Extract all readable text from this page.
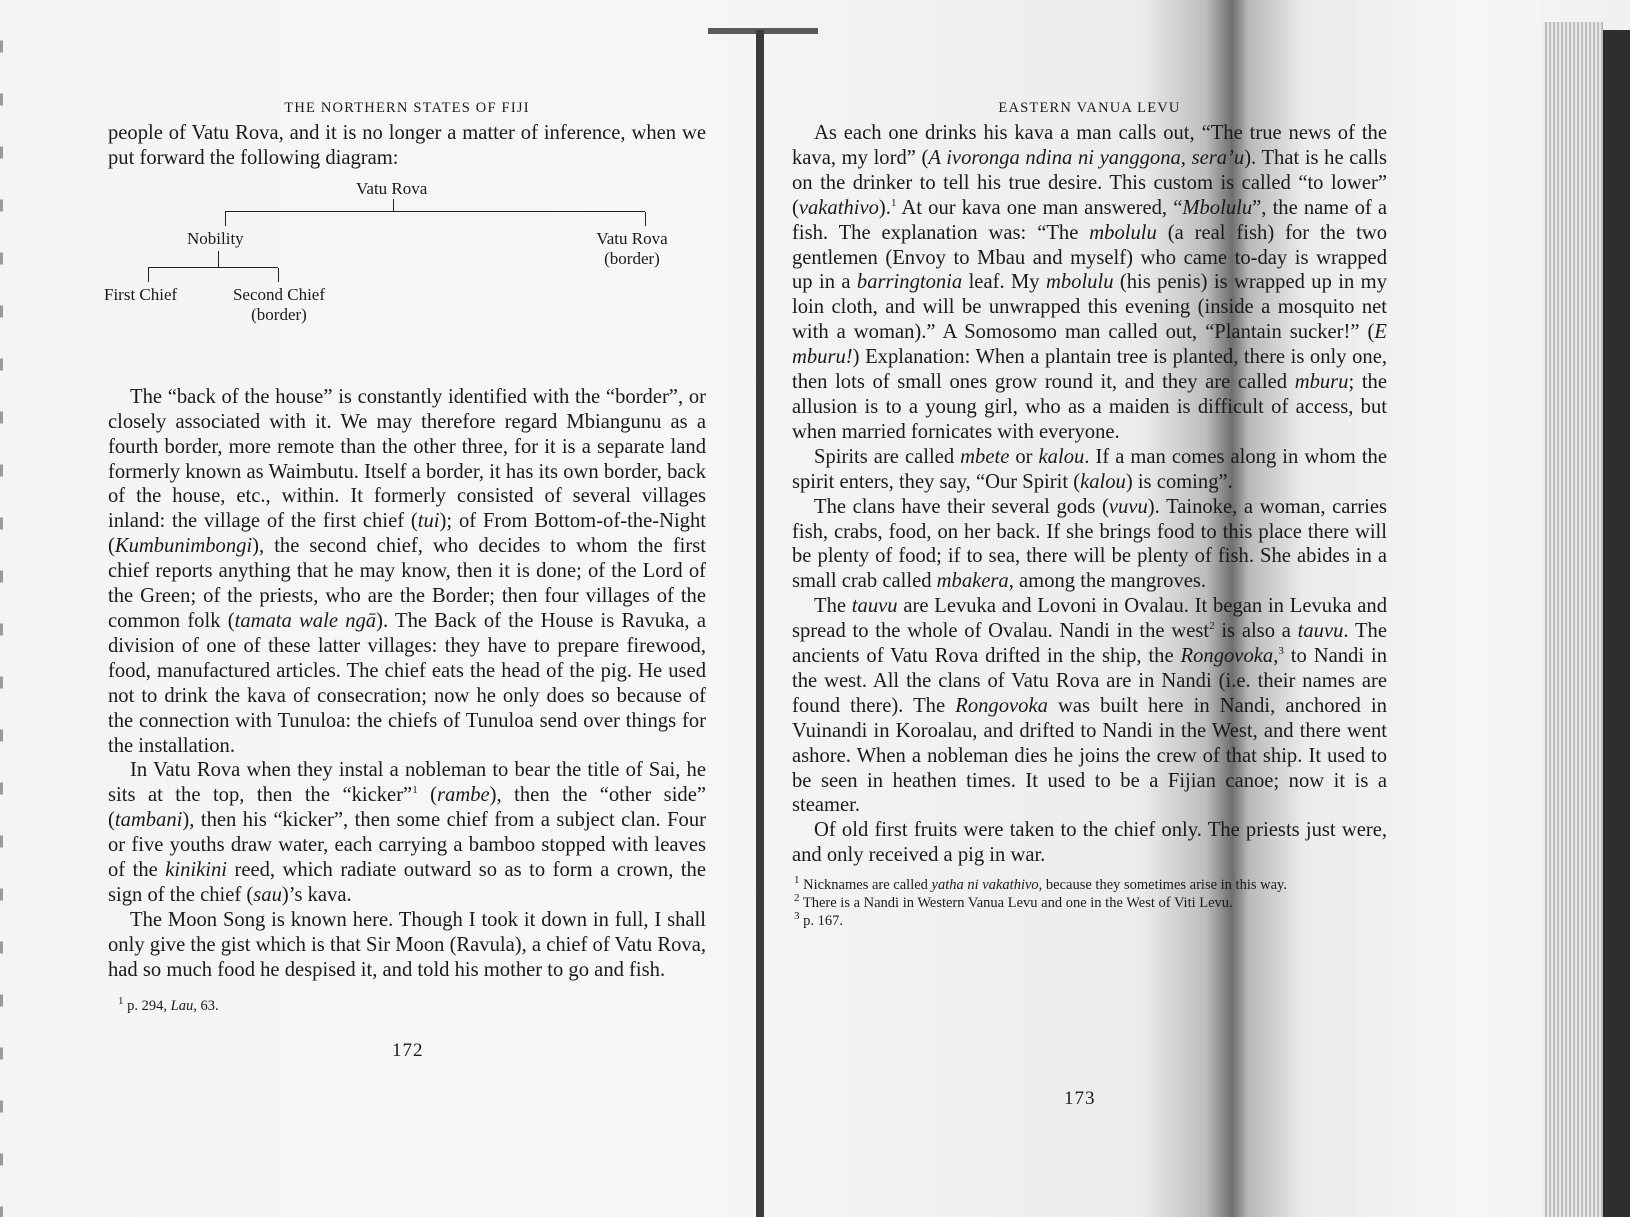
THE NORTHERN STATES OF FIJI

people of Vatu Rova, and it is no longer a matter of inference, when we put forward the following diagram:

Vatu Rova
Nobility	Vatu Rova
(border)
First Chief	Second Chief
(border)

The “back of the house” is constantly identified with the “border”, or closely associated with it. We may therefore regard Mbiangunu as a fourth border, more remote than the other three, for it is a separate land formerly known as Waimbutu. Itself a border, it has its own border, back of the house, etc., within. It formerly consisted of several villages inland: the village of the first chief (tui); of From Bottom-of-the-Night (Kumbunimbongi), the second chief, who decides to whom the first chief reports anything that he may know, then it is done; of the Lord of the Green; of the priests, who are the Border; then four villages of the common folk (tamata wale ngā). The Back of the House is Ravuka, a division of one of these latter villages: they have to prepare firewood, food, manufactured articles. The chief eats the head of the pig. He used not to drink the kava of consecration; now he only does so because of the connection with Tunuloa: the chiefs of Tunuloa send over things for the installation.

In Vatu Rova when they instal a nobleman to bear the title of Sai, he sits at the top, then the “kicker”$^1$ (rambe), then the “other side” (tambani), then his “kicker”, then some chief from a subject clan. Four or five youths draw water, each carrying a bamboo stopped with leaves of the kinikini reed, which radiate outward so as to form a crown, the sign of the chief (sau)’s kava.

The Moon Song is known here. Though I took it down in full, I shall only give the gist which is that Sir Moon (Ravula), a chief of Vatu Rova, had so much food he despised it, and told his mother to go and fish.

$^1$ p. 294, Lau, 63.

172
EASTERN VANUA LEVU

As each one drinks his kava a man calls out, “The true news of the kava, my lord” (A ivoronga ndina ni yanggona, sera’u). That is he calls on the drinker to tell his true desire. This custom is called “to lower” (vakathivo).$^1$ At our kava one man answered, “Mbolulu”, the name of a fish. The explanation was: “The mbolulu (a real fish) for the two gentlemen (Envoy to Mbau and myself) who came to-day is wrapped up in a barringtonia leaf. My mbolulu (his penis) is wrapped up in my loin cloth, and will be unwrapped this evening (inside a mosquito net with a woman).” A Somosomo man called out, “Plantain sucker!” (E mburu!) Explanation: When a plantain tree is planted, there is only one, then lots of small ones grow round it, and they are called mburu; the allusion is to a young girl, who as a maiden is difficult of access, but when married fornicates with everyone.

Spirits are called mbete or kalou. If a man comes along in whom the spirit enters, they say, “Our Spirit (kalou) is coming”.

The clans have their several gods (vuvu). Tainoke, a woman, carries fish, crabs, food, on her back. If she brings food to this place there will be plenty of food; if to sea, there will be plenty of fish. She abides in a small crab called mbakera, among the mangroves.

The tauvu are Levuka and Lovoni in Ovalau. It began in Levuka and spread to the whole of Ovalau. Nandi in the west$^2$ is also a tauvu. The ancients of Vatu Rova drifted in the ship, the Rongovoka,$^3$ to Nandi in the west. All the clans of Vatu Rova are in Nandi (i.e. their names are found there). The Rongovoka was built here in Nandi, anchored in Vuinandi in Koroalau, and drifted to Nandi in the West, and there went ashore. When a nobleman dies he joins the crew of that ship. It used to be seen in heathen times. It used to be a Fijian canoe; now it is a steamer.

Of old first fruits were taken to the chief only. The priests just were, and only received a pig in war.

$^1$ Nicknames are called yatha ni vakathivo, because they sometimes arise in this way.

$^2$ There is a Nandi in Western Vanua Levu and one in the West of Viti Levu.

$^3$ p. 167.

173
